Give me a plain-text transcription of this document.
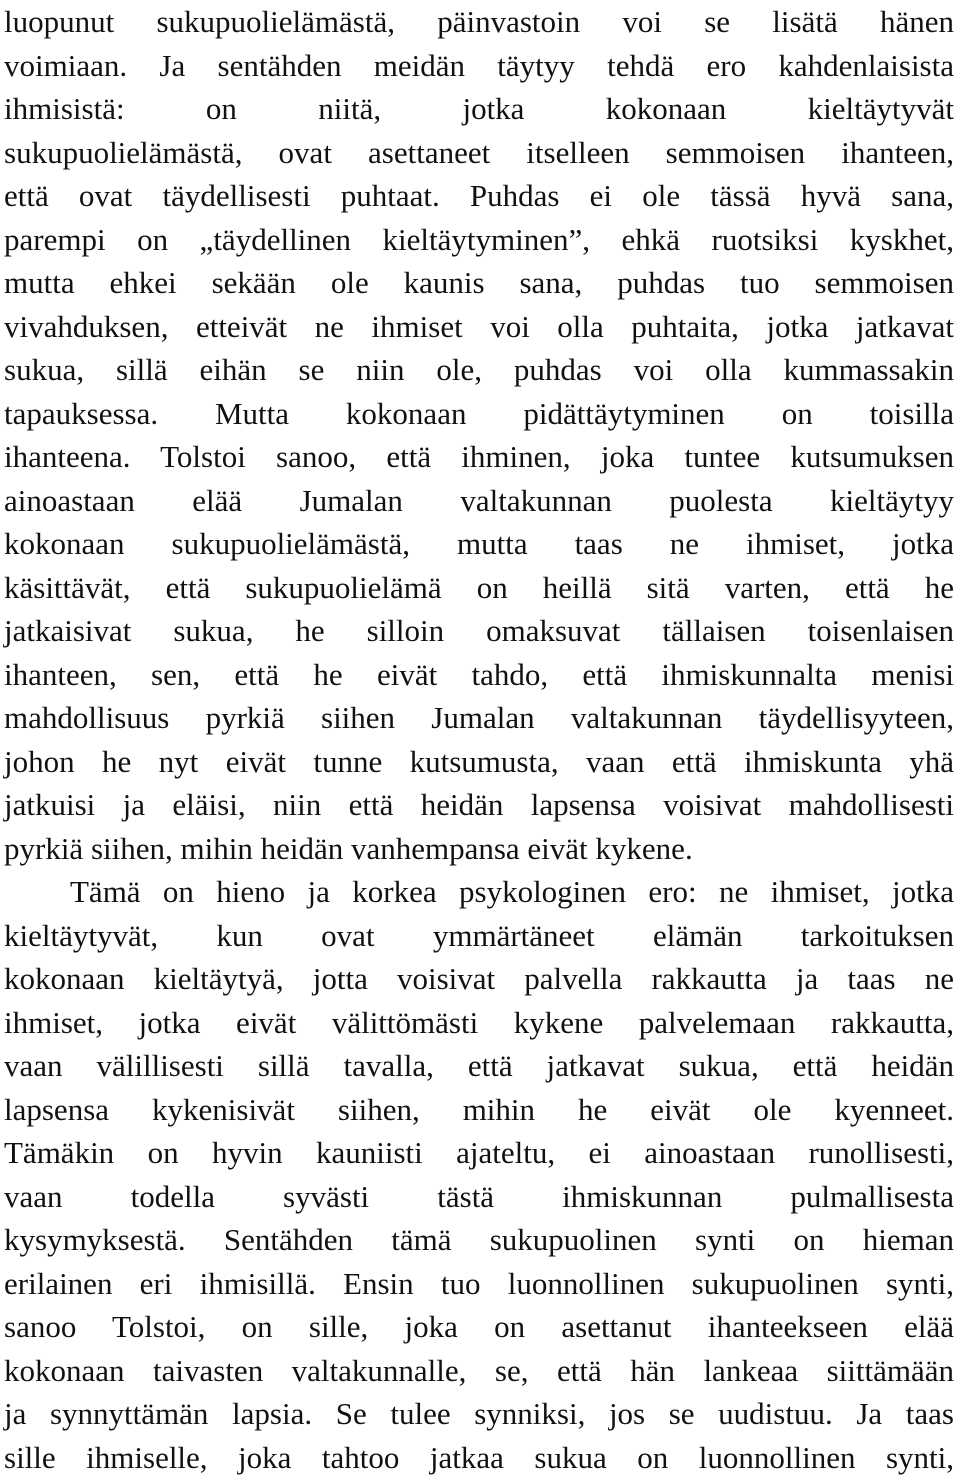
luopunut sukupuolielämästä, päinvastoin voi se lisätä hänen
voimiaan. Ja sentähden meidän täytyy tehdä ero kahdenlaisista
ihmisistä: on niitä, jotka kokonaan kieltäytyvät
sukupuolielämästä, ovat asettaneet itselleen semmoisen ihanteen,
että ovat täydellisesti puhtaat. Puhdas ei ole tässä hyvä sana,
parempi on „täydellinen kieltäytyminen”, ehkä ruotsiksi kyskhet,
mutta ehkei sekään ole kaunis sana, puhdas tuo semmoisen
vivahduksen, etteivät ne ihmiset voi olla puhtaita, jotka jatkavat
sukua, sillä eihän se niin ole, puhdas voi olla kummassakin
tapauksessa. Mutta kokonaan pidättäytyminen on toisilla
ihanteena. Tolstoi sanoo, että ihminen, joka tuntee kutsumuksen
ainoastaan elää Jumalan valtakunnan puolesta kieltäytyy
kokonaan sukupuolielämästä, mutta taas ne ihmiset, jotka
käsittävät, että sukupuolielämä on heillä sitä varten, että he
jatkaisivat sukua, he silloin omaksuvat tällaisen toisenlaisen
ihanteen, sen, että he eivät tahdo, että ihmiskunnalta menisi
mahdollisuus pyrkiä siihen Jumalan valtakunnan täydellisyyteen,
johon he nyt eivät tunne kutsumusta, vaan että ihmiskunta yhä
jatkuisi ja eläisi, niin että heidän lapsensa voisivat mahdollisesti
pyrkiä siihen, mihin heidän vanhempansa eivät kykene.
Tämä on hieno ja korkea psykologinen ero: ne ihmiset, jotka
kieltäytyvät, kun ovat ymmärtäneet elämän tarkoituksen
kokonaan kieltäytyä, jotta voisivat palvella rakkautta ja taas ne
ihmiset, jotka eivät välittömästi kykene palvelemaan rakkautta,
vaan välillisesti sillä tavalla, että jatkavat sukua, että heidän
lapsensa kykenisivät siihen, mihin he eivät ole kyenneet.
Tämäkin on hyvin kauniisti ajateltu, ei ainoastaan runollisesti,
vaan todella syvästi tästä ihmiskunnan pulmallisesta
kysymyksestä. Sentähden tämä sukupuolinen synti on hieman
erilainen eri ihmisillä. Ensin tuo luonnollinen sukupuolinen synti,
sanoo Tolstoi, on sille, joka on asettanut ihanteekseen elää
kokonaan taivasten valtakunnalle, se, että hän lankeaa siittämään
ja synnyttämän lapsia. Se tulee synniksi, jos se uudistuu. Ja taas
sille ihmiselle, joka tahtoo jatkaa sukua on luonnollinen synti,
